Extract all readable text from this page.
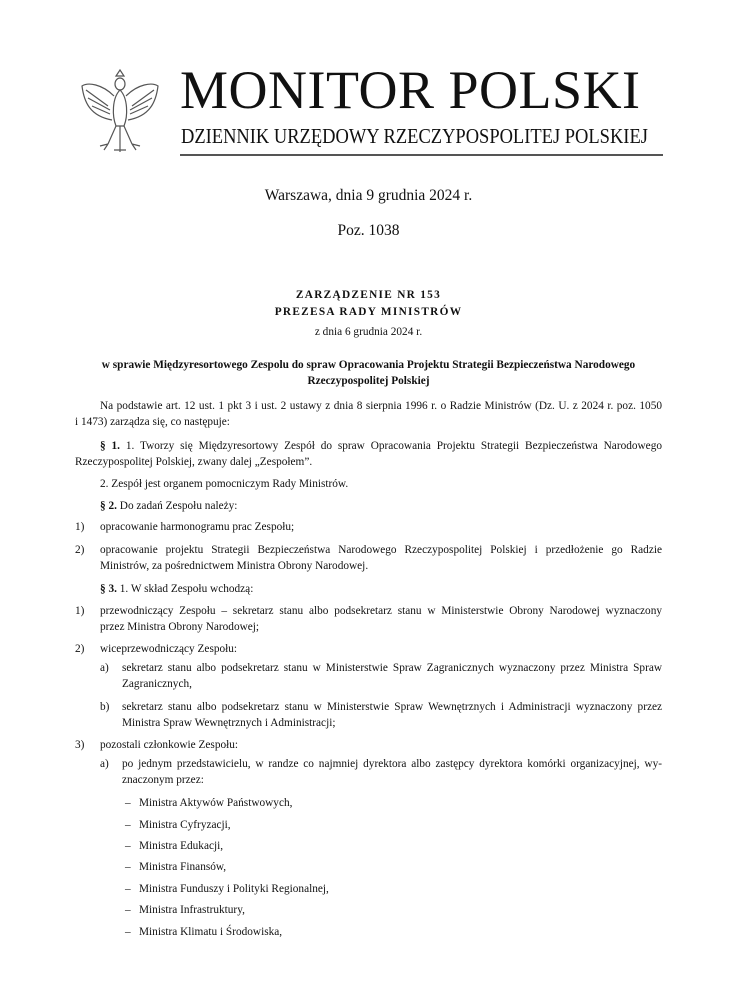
MONITOR POLSKI
DZIENNIK URZĘDOWY RZECZYPOSPOLITEJ POLSKIEJ
Warszawa, dnia 9 grudnia 2024 r.
Poz. 1038
ZARZĄDZENIE NR 153
PREZESA RADY MINISTRÓW
z dnia 6 grudnia 2024 r.
w sprawie Międzyresortowego Zespolu do spraw Opracowania Projektu Strategii Bezpieczeństwa Narodowego
Rzeczypospolitej Polskiej
Na podstawie art. 12 ust. 1 pkt 3 i ust. 2 ustawy z dnia 8 sierpnia 1996 r. o Radzie Ministrów (Dz. U. z 2024 r. poz. 1050
i 1473) zarządza się, co następuje:
§ 1. 1. Tworzy się Międzyresortowy Zespół do spraw Opracowania Projektu Strategii Bezpieczeństwa Narodowego
Rzeczypospolitej Polskiej, zwany dalej „Zespołem”.
2. Zespół jest organem pomocniczym Rady Ministrów.
§ 2. Do zadań Zespołu należy:
1) opracowanie harmonogramu prac Zespołu;
2) opracowanie projektu Strategii Bezpieczeństwa Narodowego Rzeczypospolitej Polskiej i przedłożenie go Radzie
Ministrów, za pośrednictwem Ministra Obrony Narodowej.
§ 3. 1. W skład Zespołu wchodzą:
1) przewodniczący Zespołu – sekretarz stanu albo podsekretarz stanu w Ministerstwie Obrony Narodowej wyznaczony
przez Ministra Obrony Narodowej;
2) wiceprzewodniczący Zespołu:
a) sekretarz stanu albo podsekretarz stanu w Ministerstwie Spraw Zagranicznych wyznaczony przez Ministra Spraw
Zagranicznych,
b) sekretarz stanu albo podsekretarz stanu w Ministerstwie Spraw Wewnętrznych i Administracji wyznaczony przez
Ministra Spraw Wewnętrznych i Administracji;
3) pozostali członkowie Zespołu:
a) po jednym przedstawicielu, w randze co najmniej dyrektora albo zastępcy dyrektora komórki organizacyjnej, wy-
znaczonym przez:
– Ministra Aktywów Państwowych,
– Ministra Cyfryzacji,
– Ministra Edukacji,
– Ministra Finansów,
– Ministra Funduszy i Polityki Regionalnej,
– Ministra Infrastruktury,
– Ministra Klimatu i Środowiska,
